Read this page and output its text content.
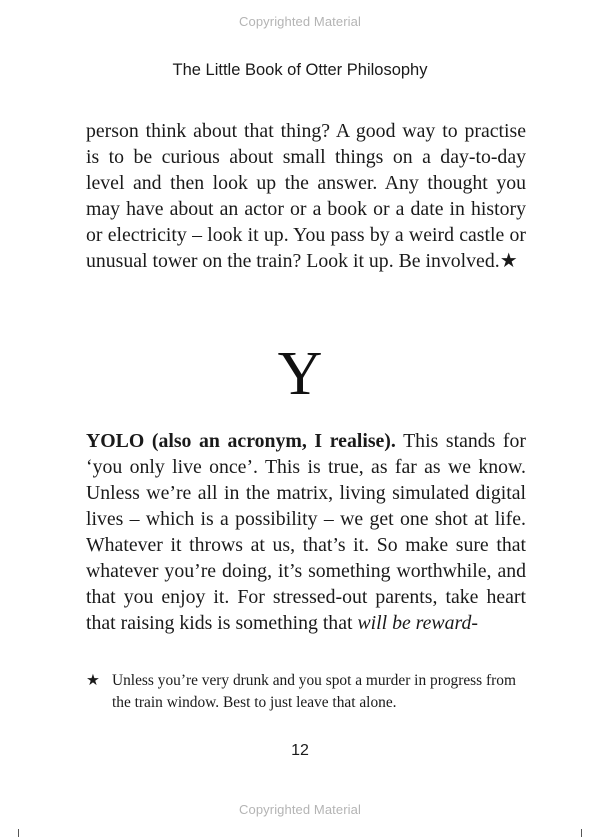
Copyrighted Material
The Little Book of Otter Philosophy

person think about that thing? A good way to practise is to be curious about small things on a day-to-day level and then look up the answer. Any thought you may have about an actor or a book or a date in history or electricity – look it up. You pass by a weird castle or unusual tower on the train? Look it up. Be involved.★

Y

YOLO (also an acronym, I realise). This stands for ‘you only live once’. This is true, as far as we know. Unless we’re all in the matrix, living simulated digital lives – which is a possibility – we get one shot at life. Whatever it throws at us, that’s it. So make sure that whatever you’re doing, it’s something worthwhile, and that you enjoy it. For stressed-out parents, take heart that raising kids is something that will be reward-

★ Unless you’re very drunk and you spot a murder in progress from the train window. Best to just leave that alone.
12
Copyrighted Material
